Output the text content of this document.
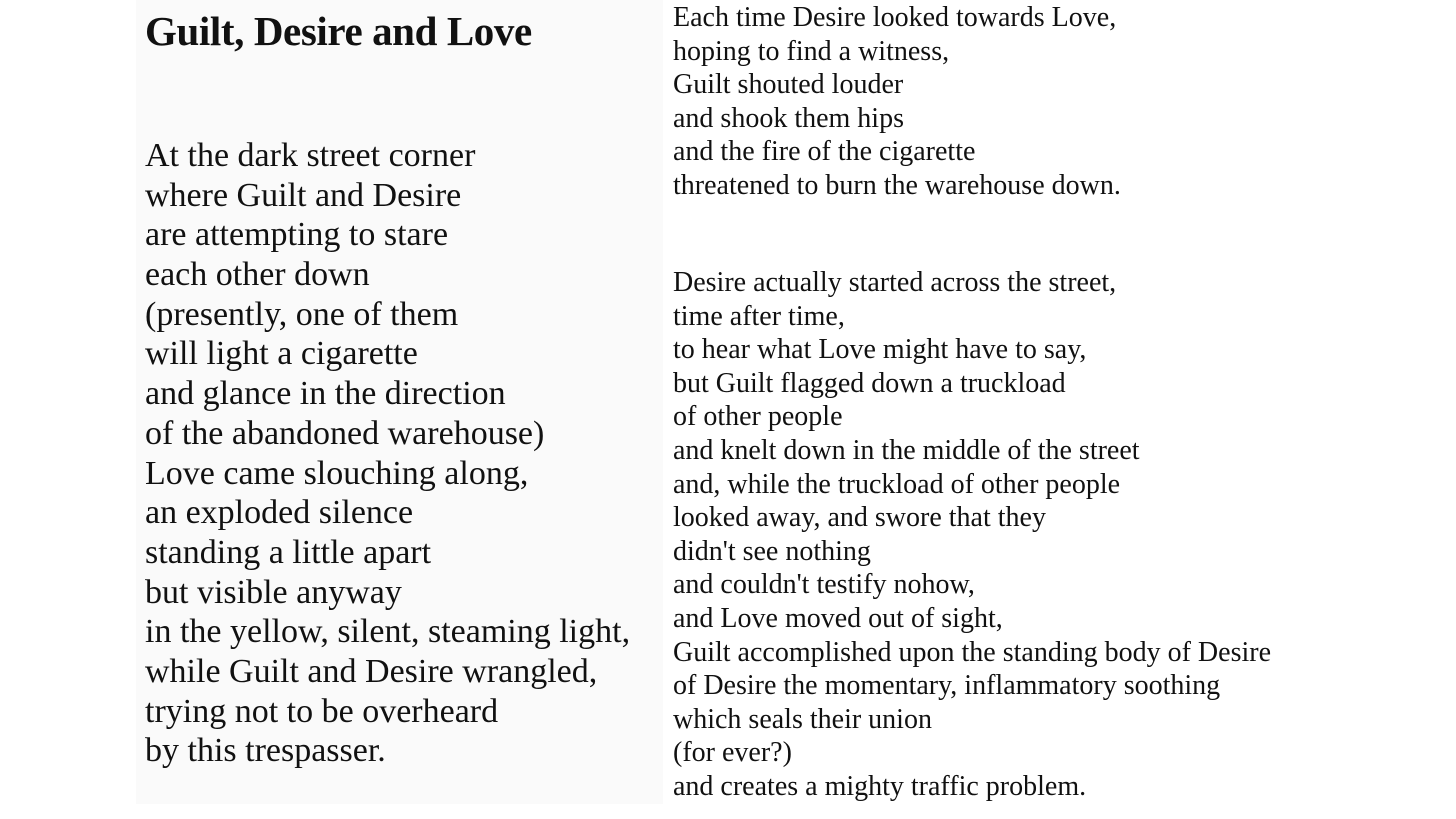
Guilt, Desire and Love
At the dark street corner
where Guilt and Desire
are attempting to stare
each other down
(presently, one of them
will light a cigarette
and glance in the direction
of the abandoned warehouse)
Love came slouching along,
an exploded silence
standing a little apart
but visible anyway
in the yellow, silent, steaming light,
while Guilt and Desire wrangled,
trying not to be overheard
by this trespasser.
Each time Desire looked towards Love,
hoping to find a witness,
Guilt shouted louder
and shook them hips
and the fire of the cigarette
threatened to burn the warehouse down.
Desire actually started across the street,
time after time,
to hear what Love might have to say,
but Guilt flagged down a truckload
of other people
and knelt down in the middle of the street
and, while the truckload of other people
looked away, and swore that they
didn't see nothing
and couldn't testify nohow,
and Love moved out of sight,
Guilt accomplished upon the standing body of Desire
of Desire the momentary, inflammatory soothing
which seals their union
(for ever?)
and creates a mighty traffic problem.
